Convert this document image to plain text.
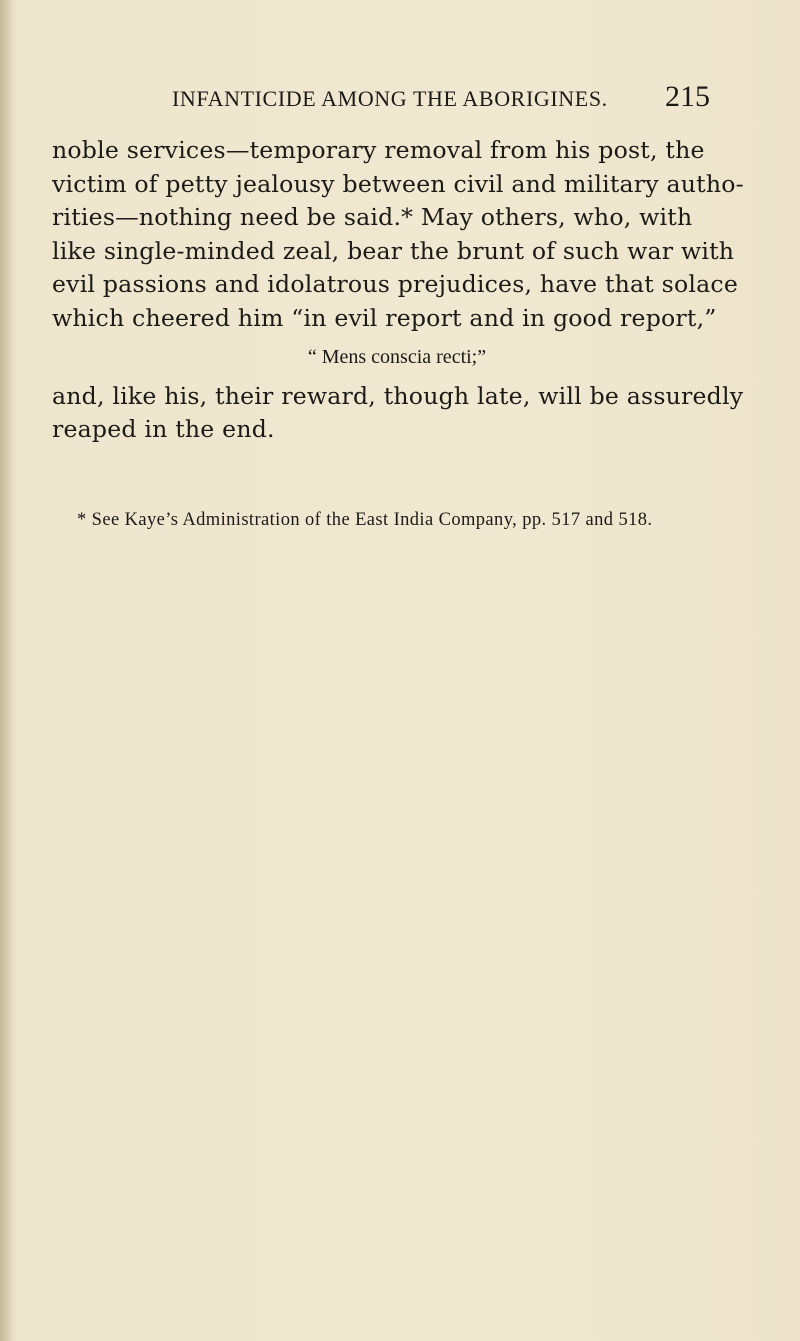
INFANTICIDE AMONG THE ABORIGINES. 215
noble services—temporary removal from his post, the
victim of petty jealousy between civil and military autho-
rities—nothing need be said.* May others, who, with
like single-minded zeal, bear the brunt of such war with
evil passions and idolatrous prejudices, have that solace
which cheered him “in evil report and in good report,”
“ Mens conscia recti;”
and, like his, their reward, though late, will be assuredly
reaped in the end.
* See Kaye’s Administration of the East India Company, pp. 517 and 518.
